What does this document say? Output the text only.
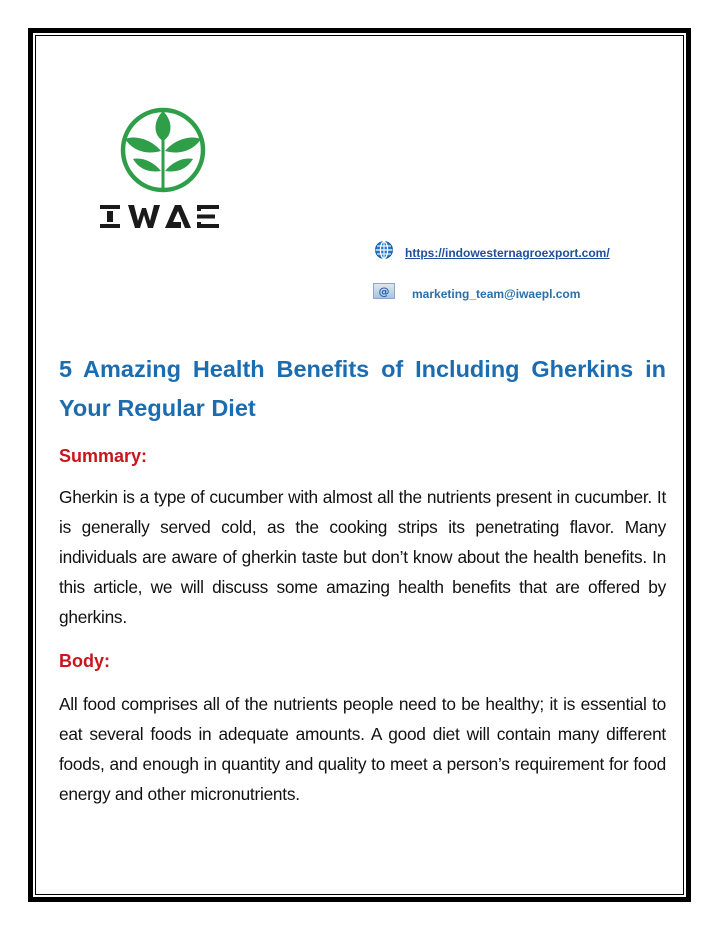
https://indowesternagroexport.com/
@ marketing_team@iwaepl.com
5 Amazing Health Benefits of Including Gherkins in Your Regular Diet
Summary:

Gherkin is a type of cucumber with almost all the nutrients present in cucumber. It is generally served cold, as the cooking strips its penetrating flavor. Many individuals are aware of gherkin taste but don’t know about the health benefits. In this article, we will discuss some amazing health benefits that are offered by gherkins.

Body:

All food comprises all of the nutrients people need to be healthy; it is essential to eat several foods in adequate amounts. A good diet will contain many different foods, and enough in quantity and quality to meet a person’s requirement for food energy and other micronutrients.
